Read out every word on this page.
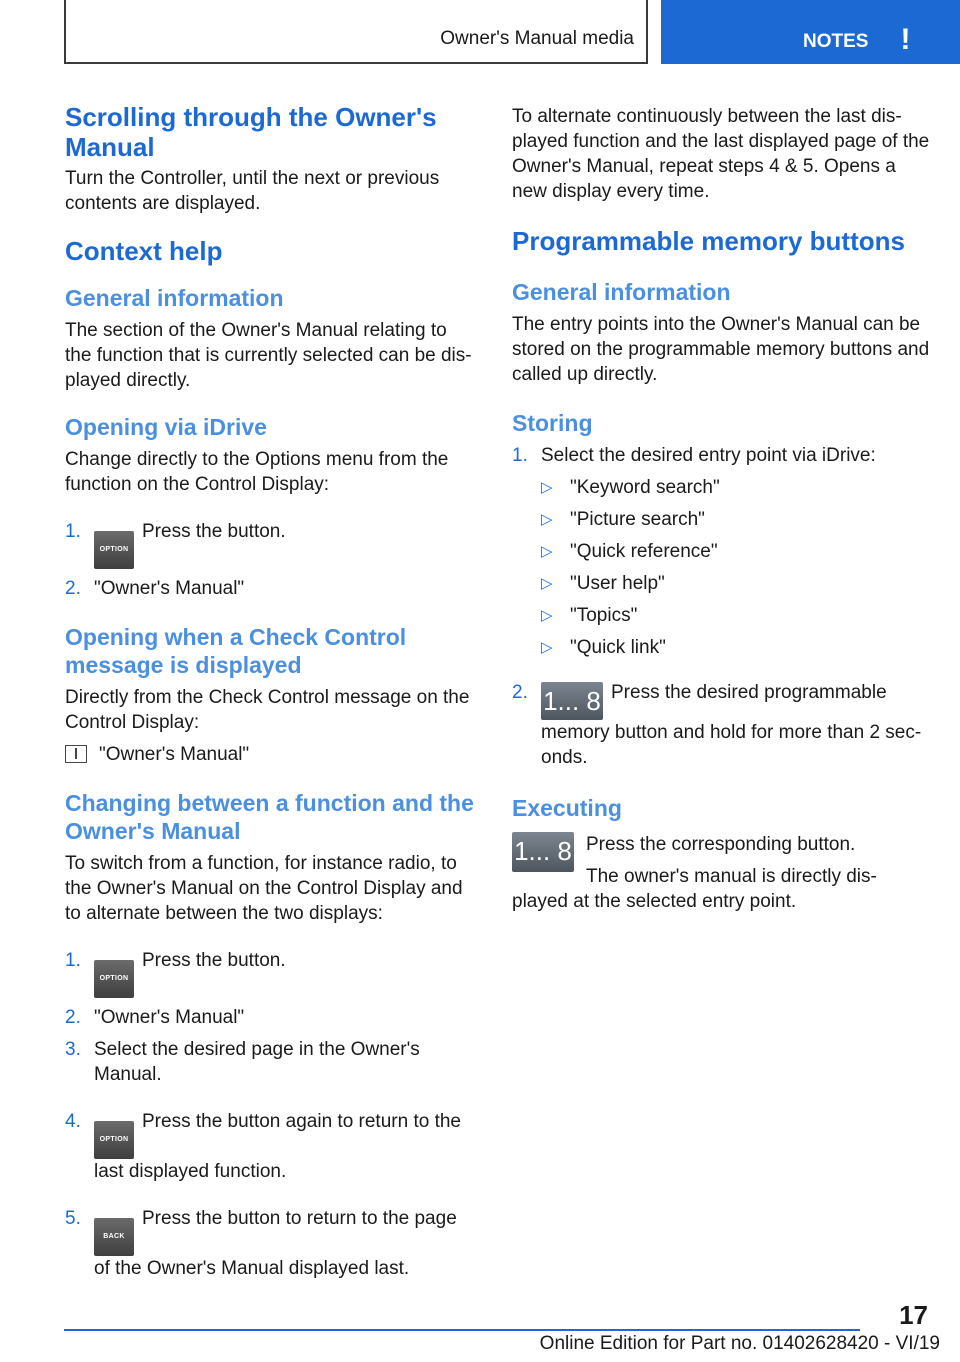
Owner's Manual media	NOTES !
Scrolling through the Owner's Manual

Turn the Controller, until the next or previous contents are displayed.

Context help
General information

The section of the Owner's Manual relating to the function that is currently selected can be dis-played directly.

Opening via iDrive

Change directly to the Options menu from the function on the Control Display:

1.
OPTIONPress the button.
2. "Owner's Manual"
Opening when a Check Control message is displayed

Directly from the Check Control message on the Control Display:

"Owner's Manual"

Changing between a function and the Owner's Manual

To switch from a function, for instance radio, to the Owner's Manual on the Control Display and to alternate between the two displays:

1.
OPTIONPress the button.
2. "Owner's Manual"
3. Select the desired page in the Owner's Manual.
4.
OPTIONPress the button again to return to the last displayed function.
5.
BACKPress the button to return to the page of the Owner's Manual displayed last.

To alternate continuously between the last dis-played function and the last displayed page of the Owner's Manual, repeat steps 4 & 5. Opens a new display every time.

Programmable memory buttons
General information

The entry points into the Owner's Manual can be stored on the programmable memory buttons and called up directly.

Storing
1. Select the desired entry point via iDrive:
▷ "Keyword search"
▷ "Picture search"
▷ "Quick reference"
▷ "User help"
▷ "Topics"
▷ "Quick link"
2. 1... 8 Press the desired programmable memory button and hold for more than 2 sec-onds.
Executing
1... 8 Press the corresponding button.

The owner's manual is directly dis-played at the selected entry point.

17
Online Edition for Part no. 01402628420 - VI/19
